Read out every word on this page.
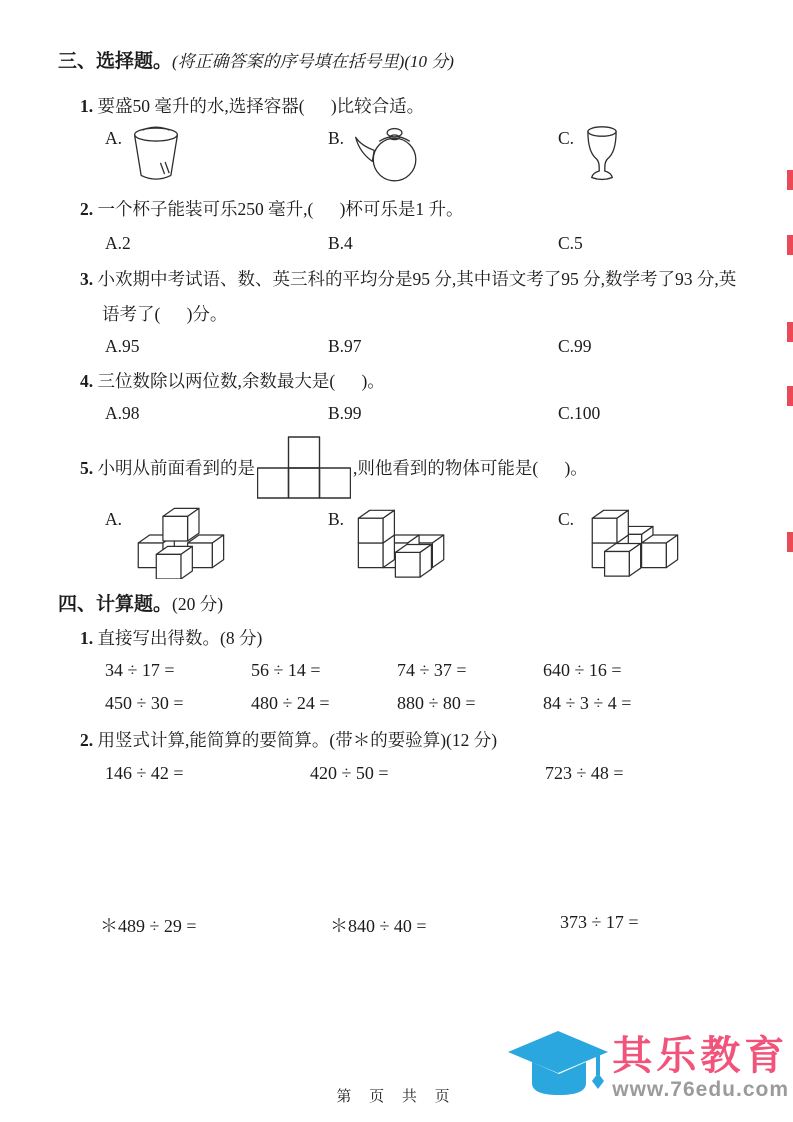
三、选择题。(将正确答案的序号填在括号里)(10 分)

1. 要盛50 毫升的水,选择容器(      )比较合适。

A.	B.	C.

2. 一个杯子能装可乐250 毫升,(      )杯可乐是1 升。

A.2	B.4	C.5

3. 小欢期中考试语、数、英三科的平均分是95 分,其中语文考了95 分,数学考了93 分,英

语考了(      )分。

A.95	B.97	C.99

4. 三位数除以两位数,余数最大是(      )。

A.98	B.99	C.100

5. 小明从前面看到的是	,则他看到的物体可能是(      )。

A.	B.	C.
四、计算题。(20 分)

1. 直接写出得数。(8 分)

34 ÷ 17 =	56 ÷ 14 =	74 ÷ 37 =	640 ÷ 16 =
450 ÷ 30 =	480 ÷ 24 =	880 ÷ 80 =	84 ÷ 3 ÷ 4 =

2. 用竖式计算,能简算的要简算。(带＊的要验算)(12 分)

146 ÷ 42 =	420 ÷ 50 =	723 ÷ 48 =
＊489 ÷ 29 =	＊840 ÷ 40 =	373 ÷ 17 =
第 页 共 页
其乐教育
www.76edu.com
